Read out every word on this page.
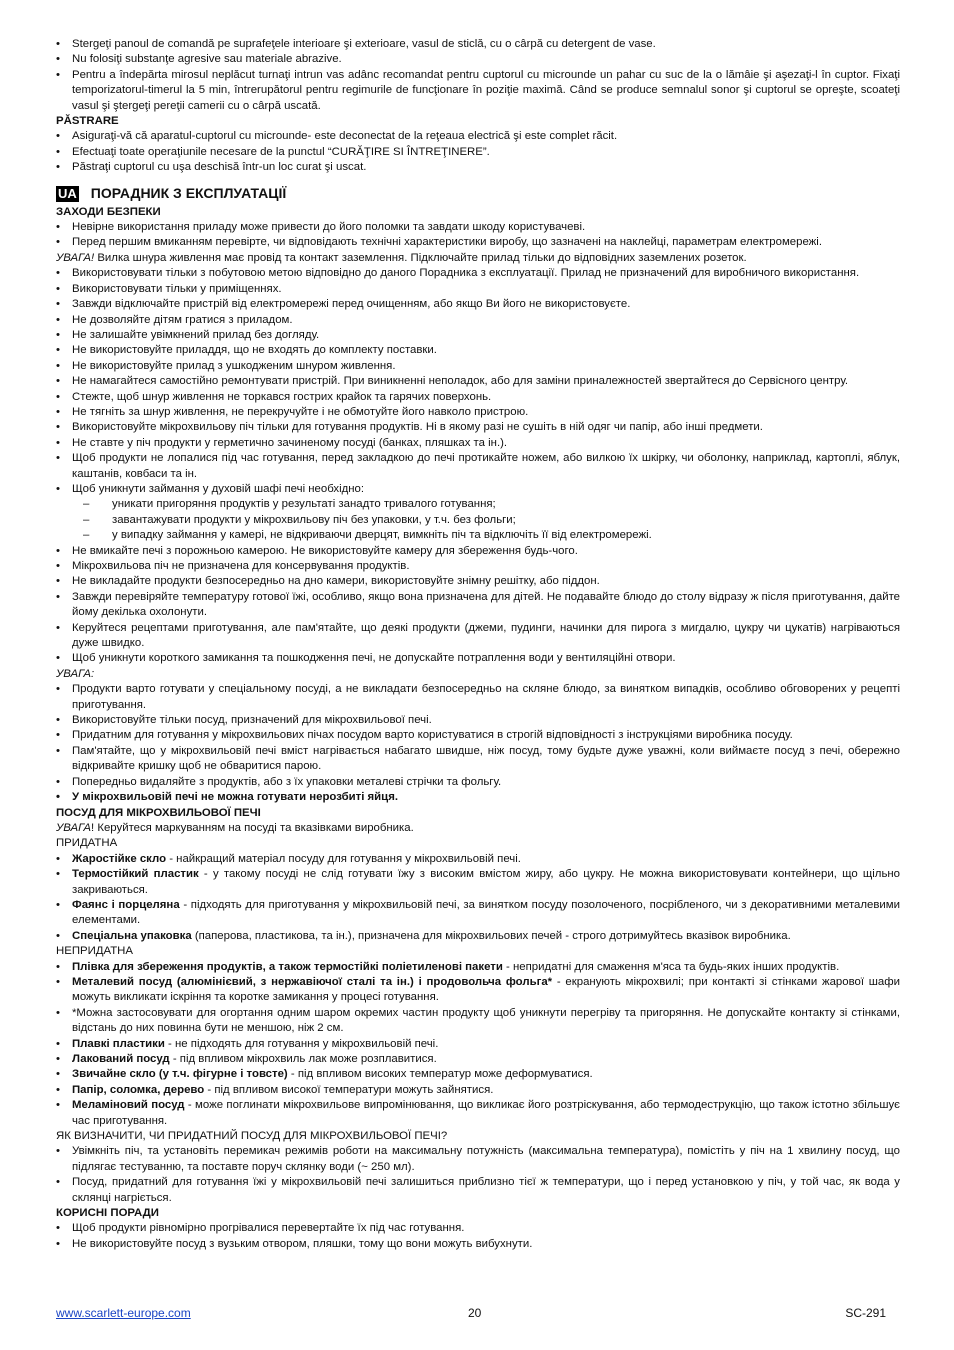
• Stergeţi panoul de comandă pe suprafeţele interioare şi exterioare, vasul de sticlă, cu o cârpă cu detergent de vase.
• Nu folosiţi substanţe agresive sau materiale abrazive.
• Pentru a îndepărta mirosul neplăcut turnaţi intrun vas adânc recomandat pentru cuptorul cu microunde un pahar cu suc de la o lămâie şi aşezaţi-l în cuptor. Fixaţi temporizatorul-timerul la 5 min, întrerupătorul pentru regimurile de funcţionare în poziţie maximă. Când se produce semnalul sonor şi cuptorul se opreşte, scoateţi vasul şi ştergeţi pereţii camerii cu o cârpă uscată.
PĂSTRARE
• Asiguraţi-vă că aparatul-cuptorul cu microunde- este deconectat de la reţeaua electrică şi este complet răcit.
• Efectuaţi toate operaţiunile necesare de la punctul “CURĂŢIRE SI ÎNTREŢINERE”.
• Păstraţi cuptorul cu uşa deschisă într-un loc curat şi uscat.
UA ПОРАДНИК З ЕКСПЛУАТАЦІЇ
ЗАХОДИ БЕЗПЕКИ
• Невірне використання приладу може привести до його поломки та завдати шкоду користувачеві.
• Перед першим вмиканням перевірте, чи відповідають технічні характеристики виробу, що зазначені на наклейці, параметрам електромережі.

УВАГА! Вилка шнура живлення має провід та контакт заземлення. Підключайте прилад тільки до відповідних заземлених розеток.

• Використовувати тільки з побутовою метою відповідно до даного Порадника з експлуатації. Прилад не призначений для виробничого використання.
• Використовувати тільки у приміщеннях.
• Завжди відключайте пристрій від електромережі перед очищенням, або якщо Ви його не використовуєте.
• Не дозволяйте дітям гратися з приладом.
• Не залишайте увімкнений прилад без догляду.
• Не використовуйте приладдя, що не входять до комплекту поставки.
• Не використовуйте прилад з ушкодженим шнуром живлення.
• Не намагайтеся самостійно ремонтувати пристрій. При виникненні неполадок, або для заміни приналежностей звертайтеся до Сервісного центру.
• Стежте, щоб шнур живлення не торкався гострих крайок та гарячих поверхонь.
• Не тягніть за шнур живлення, не перекручуйте і не обмотуйте його навколо пристрою.
• Використовуйте мікрохвильову піч тільки для готування продуктів. Ні в якому разі не сушіть в ній одяг чи папір, або інші предмети.
• Не ставте у піч продукти у герметично зачиненому посуді (банках, пляшках та ін.).
• Щоб продукти не лопалися під час готування, перед закладкою до печі протикайте ножем, або вилкою їх шкірку, чи оболонку, наприклад, картоплі, яблук, каштанів, ковбаси та ін.
• Щоб уникнути займання у духовій шафі печі необхідно:
– уникати пригоряння продуктів у результаті занадто тривалого готування;
– завантажувати продукти у мікрохвильову піч без упаковки, у т.ч. без фольги;
– у випадку займання у камері, не відкриваючи дверцят, вимкніть піч та відключіть її від електромережі.
• Не вмикайте печі з порожньою камерою. Не використовуйте камеру для збереження будь-чого.
• Мікрохвильова піч не призначена для консервування продуктів.
• Не викладайте продукти безпосередньо на дно камери, використовуйте знімну решітку, або піддон.
• Завжди перевіряйте температуру готової їжі, особливо, якщо вона призначена для дітей. Не подавайте блюдо до столу відразу ж після приготування, дайте йому декілька охолонути.
• Керуйтеся рецептами приготування, але пам'ятайте, що деякі продукти (джеми, пудинги, начинки для пирога з мигдалю, цукру чи цукатів) нагріваються дуже швидко.
• Щоб уникнути короткого замикання та пошкодження печі, не допускайте потраплення води у вентиляційні отвори.

УВАГА:

• Продукти варто готувати у спеціальному посуді, а не викладати безпосередньо на скляне блюдо, за винятком випадків, особливо обговорених у рецепті приготування.
• Використовуйте тільки посуд, призначений для мікрохвильової печі.
• Придатним для готування у мікрохвильових пічах посудом варто користуватися в строгій відповідності з інструкціями виробника посуду.
• Пам'ятайте, що у мікрохвильовій печі вміст нагрівається набагато швидше, ніж посуд, тому будьте дуже уважні, коли виймаєте посуд з печі, обережно відкривайте кришку щоб не обваритися парою.
• Попередньо видаляйте з продуктів, або з їх упаковки металеві стрічки та фольгу.
• У мікрохвильовій печі не можна готувати нерозбиті яйця.
ПОСУД ДЛЯ МІКРОХВИЛЬОВОЇ ПЕЧІ

УВАГА! Керуйтеся маркуванням на посуді та вказівками виробника.

ПРИДАТНА
• Жаростійке скло - найкращий матеріал посуду для готування у мікрохвильовій печі.
• Термостійкий пластик - у такому посуді не слід готувати їжу з високим вмістом жиру, або цукру. Не можна використовувати контейнери, що щільно закриваються.
• Фаянс і порцеляна - підходять для приготування у мікрохвильовій печі, за винятком посуду позолоченого, посрібленого, чи з декоративними металевими елементами.
• Спеціальна упаковка (паперова, пластикова, та ін.), призначена для мікрохвильових печей - строго дотримуйтесь вказівок виробника.
НЕПРИДАТНА
• Плівка для збереження продуктів, а також термостійкі поліетиленові пакети - непридатні для смаження м'яса та будь-яких інших продуктів.
• Металевий посуд (алюмінієвий, з нержавіючої сталі та ін.) і продовольча фольга* - екранують мікрохвилі; при контакті зі стінками жарової шафи можуть викликати іскріння та коротке замикання у процесі готування.
• *Можна застосовувати для огортання одним шаром окремих частин продукту щоб уникнути перегріву та пригоряння. Не допускайте контакту зі стінками, відстань до них повинна бути не меншою, ніж 2 см.
• Плавкі пластики - не підходять для готування у мікрохвильовій печі.
• Лакований посуд - під впливом мікрохвиль лак може розплавитися.
• Звичайне скло (у т.ч. фігурне і товсте) - під впливом високих температур може деформуватися.
• Папір, соломка, дерево - під впливом високої температури можуть зайнятися.
• Меламіновий посуд - може поглинати мікрохвильове випромінювання, що викликає його розтріскування, або термодеструкцію, що також істотно збільшує час приготування.
ЯК ВИЗНАЧИТИ, ЧИ ПРИДАТНИЙ ПОСУД ДЛЯ МІКРОХВИЛЬОВОЇ ПЕЧІ?
• Увімкніть піч, та установіть перемикач режимів роботи на максимальну потужність (максимальна температура), помістіть у піч на 1 хвилину посуд, що підлягає тестуванню, та поставте поруч склянку води (~ 250 мл).
• Посуд, придатний для готування їжі у мікрохвильовій печі залишиться приблизно тієї ж температури, що і перед установкою у піч, у той час, як вода у склянці нагріється.
КОРИСНІ ПОРАДИ
• Щоб продукти рівномірно прогрівалися перевертайте їх під час готування.
• Не використовуйте посуд з вузьким отвором, пляшки, тому що вони можуть вибухнути.
www.scarlett-europe.com	20	SC-291
